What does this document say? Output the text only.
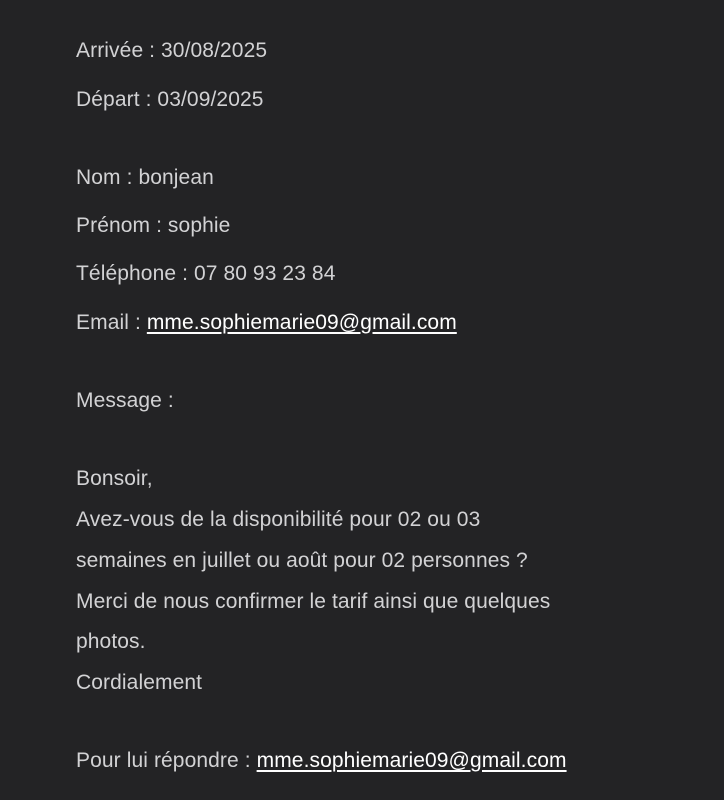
Arrivée : 30/08/2025
Départ : 03/09/2025
Nom : bonjean
Prénom : sophie
Téléphone : 07 80 93 23 84
Email : mme.sophiemarie09@gmail.com
Message :
Bonsoir,
Avez-vous de la disponibilité pour 02 ou 03
semaines en juillet ou août pour 02 personnes ?
Merci de nous confirmer le tarif ainsi que quelques
photos.
Cordialement
Pour lui répondre : mme.sophiemarie09@gmail.com
